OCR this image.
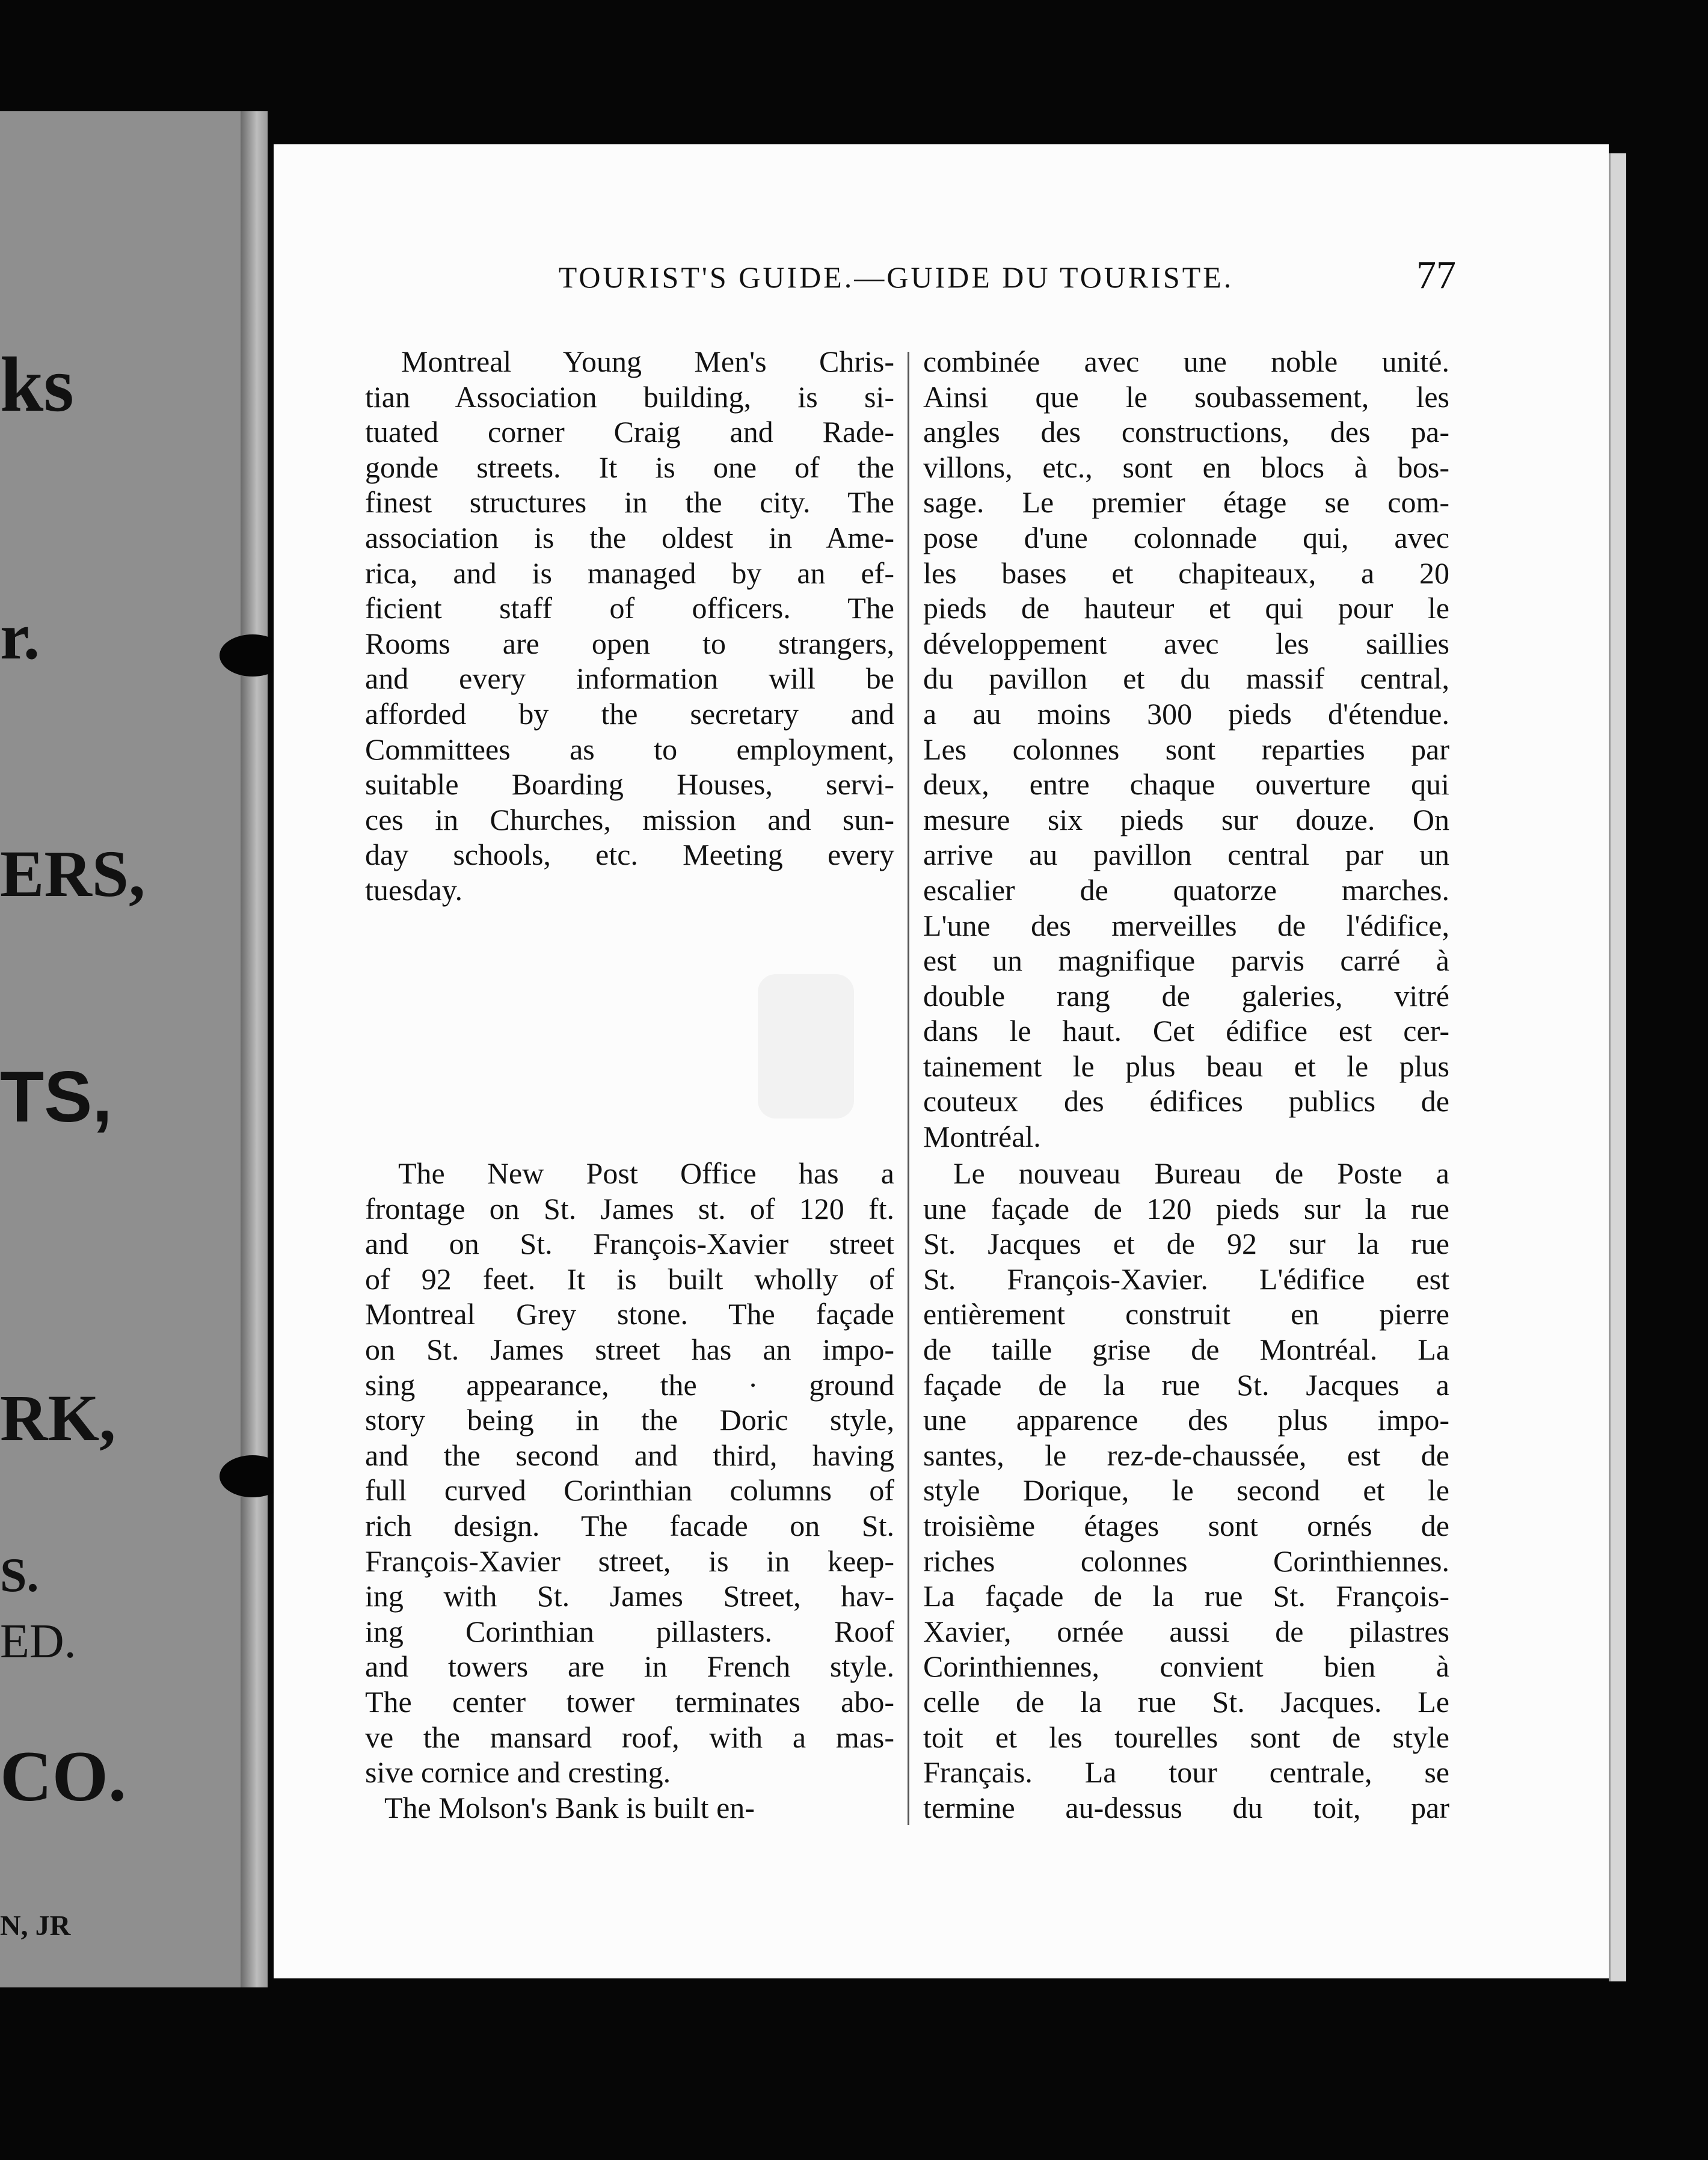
ks
r.
ERS,
TS,
RK,
S.
ED.
CO.
N, JR
TOURIST'S GUIDE.—GUIDE DU TOURISTE.	77
Montreal Young Men's Chris-
tian Association building, is si-
tuated corner Craig and Rade-
gonde streets. It is one of the
finest structures in the city. The
association is the oldest in Ame-
rica, and is managed by an ef-
ficient staff of officers. The
Rooms are open to strangers,
and every information will be
afforded by the secretary and
Committees as to employment,
suitable Boarding Houses, servi-
ces in Churches, mission and sun-
day schools, etc. Meeting every
tuesday.
The New Post Office has a
frontage on St. James st. of 120 ft.
and on St. François-Xavier street
of 92 feet. It is built wholly of
Montreal Grey stone. The façade
on St. James street has an impo-
sing appearance, the · ground
story being in the Doric style,
and the second and third, having
full curved Corinthian columns of
rich design. The facade on St.
François-Xavier street, is in keep-
ing with St. James Street, hav-
ing Corinthian pillasters. Roof
and towers are in French style.
The center tower terminates abo-
ve the mansard roof, with a mas-
sive cornice and cresting.
The Molson's Bank is built en-
combinée avec une noble unité.
Ainsi que le soubassement, les
angles des constructions, des pa-
villons, etc., sont en blocs à bos-
sage. Le premier étage se com-
pose d'une colonnade qui, avec
les bases et chapiteaux, a 20
pieds de hauteur et qui pour le
développement avec les saillies
du pavillon et du massif central,
a au moins 300 pieds d'étendue.
Les colonnes sont reparties par
deux, entre chaque ouverture qui
mesure six pieds sur douze. On
arrive au pavillon central par un
escalier de quatorze marches.
L'une des merveilles de l'édifice,
est un magnifique parvis carré à
double rang de galeries, vitré
dans le haut. Cet édifice est cer-
tainement le plus beau et le plus
couteux des édifices publics de
Montréal.
Le nouveau Bureau de Poste a
une façade de 120 pieds sur la rue
St. Jacques et de 92 sur la rue
St. François-Xavier. L'édifice est
entièrement construit en pierre
de taille grise de Montréal. La
façade de la rue St. Jacques a
une apparence des plus impo-
santes, le rez-de-chaussée, est de
style Dorique, le second et le
troisième étages sont ornés de
riches colonnes Corinthiennes.
La façade de la rue St. François-
Xavier, ornée aussi de pilastres
Corinthiennes, convient bien à
celle de la rue St. Jacques. Le
toit et les tourelles sont de style
Français. La tour centrale, se
termine au-dessus du toit, par
